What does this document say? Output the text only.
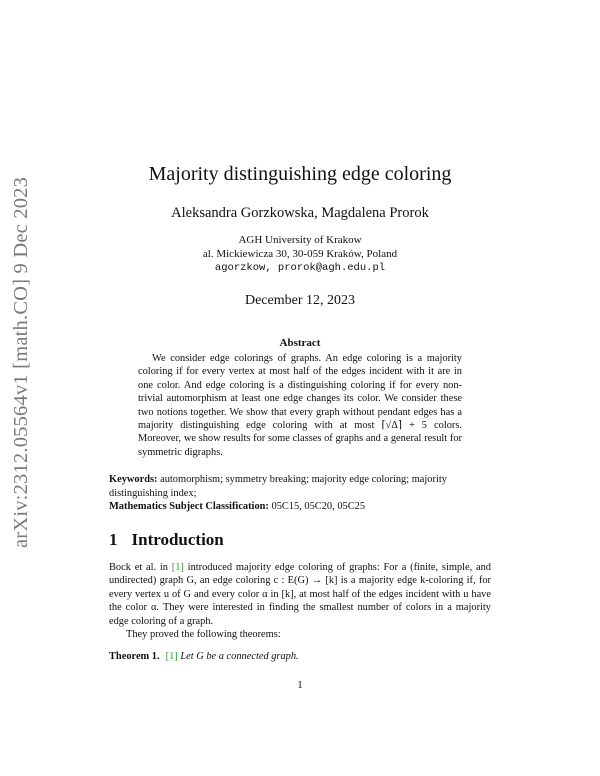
arXiv:2312.05564v1 [math.CO] 9 Dec 2023
Majority distinguishing edge coloring
Aleksandra Gorzkowska, Magdalena Prorok
AGH University of Krakow
al. Mickiewicza 30, 30-059 Kraków, Poland
agorzkow, prorok@agh.edu.pl
December 12, 2023
Abstract

We consider edge colorings of graphs. An edge coloring is a majority coloring if for every vertex at most half of the edges incident with it are in one color. And edge coloring is a distinguishing coloring if for every non-trivial automorphism at least one edge changes its color. We consider these two notions together. We show that every graph without pendant edges has a majority distinguishing edge coloring with at most ⌈√Δ⌉ + 5 colors. Moreover, we show results for some classes of graphs and a general result for symmetric digraphs.

Keywords: automorphism; symmetry breaking; majority edge coloring; majority distinguishing index;

Mathematics Subject Classification: 05C15, 05C20, 05C25

1 Introduction

Bock et al. in [1] introduced majority edge coloring of graphs: For a (finite, simple, and undirected) graph G, an edge coloring c : E(G) → [k] is a majority edge k-coloring if, for every vertex u of G and every color α in [k], at most half of the edges incident with u have the color α. They were interested in finding the smallest number of colors in a majority edge coloring of a graph.

They proved the following theorems:

Theorem 1. [1] Let G be a connected graph.
1
